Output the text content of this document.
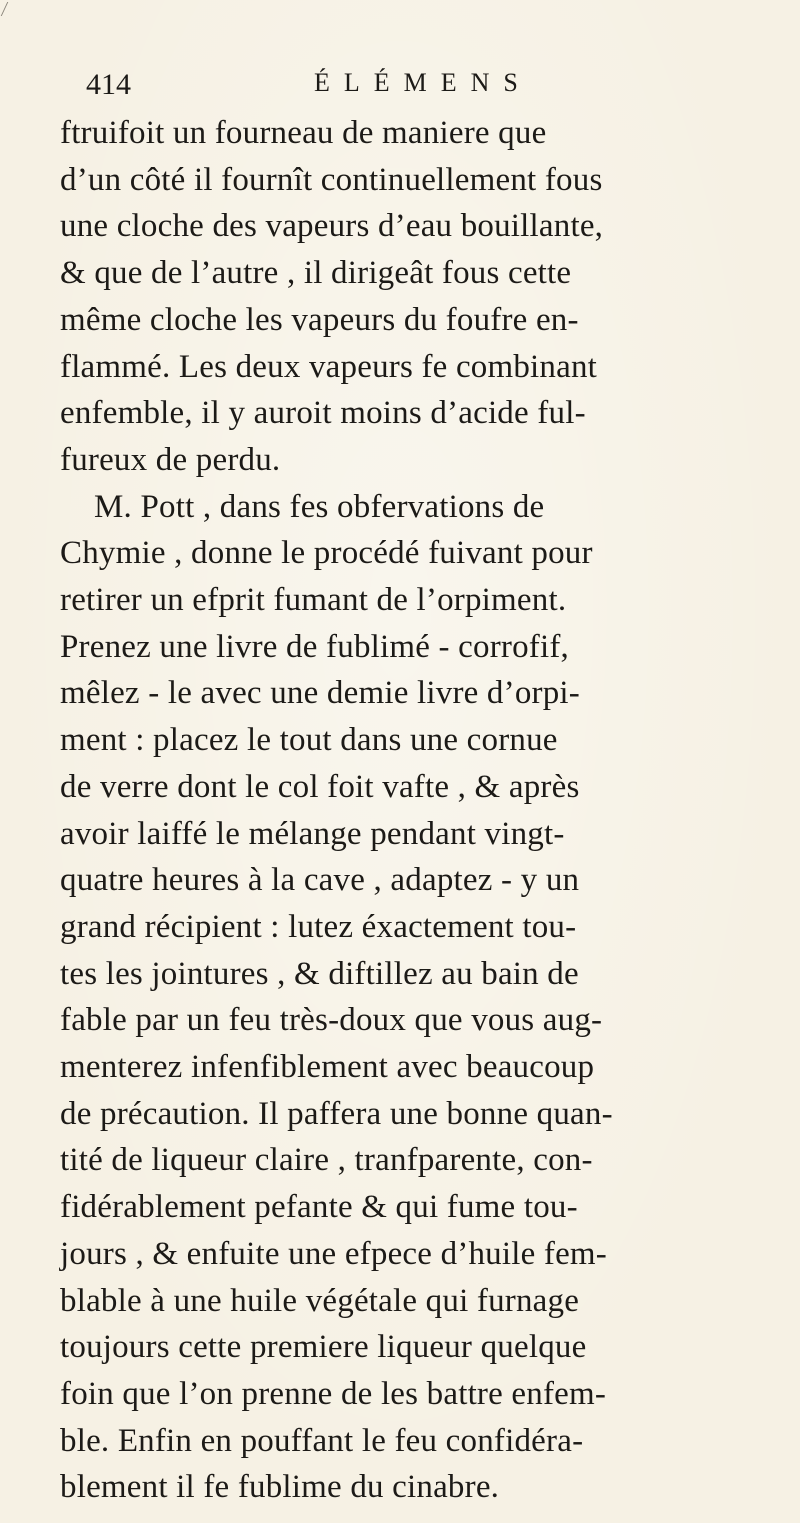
414	ÉLÉMENS
ftruifoit un fourneau de maniere que
d’un côté il fournît continuellement fous
une cloche des vapeurs d’eau bouillante,
& que de l’autre , il dirigeât fous cette
même cloche les vapeurs du foufre en-
flammé. Les deux vapeurs fe combinant
enfemble, il y auroit moins d’acide ful-
fureux de perdu.
M. Pott , dans fes obfervations de
Chymie , donne le procédé fuivant pour
retirer un efprit fumant de l’orpiment.
Prenez une livre de fublimé - corrofif,
mêlez - le avec une demie livre d’orpi-
ment : placez le tout dans une cornue
de verre dont le col foit vafte , & après
avoir laiffé le mélange pendant vingt-
quatre heures à la cave , adaptez - y un
grand récipient : lutez éxactement tou-
tes les jointures , & diftillez au bain de
fable par un feu très-doux que vous aug-
menterez infenfiblement avec beaucoup
de précaution. Il paffera une bonne quan-
tité de liqueur claire , tranfparente, con-
fidérablement pefante & qui fume tou-
jours , & enfuite une efpece d’huile fem-
blable à une huile végétale qui furnage
toujours cette premiere liqueur quelque
foin que l’on prenne de les battre enfem-
ble. Enfin en pouffant le feu confidéra-
blement il fe fublime du cinabre.
